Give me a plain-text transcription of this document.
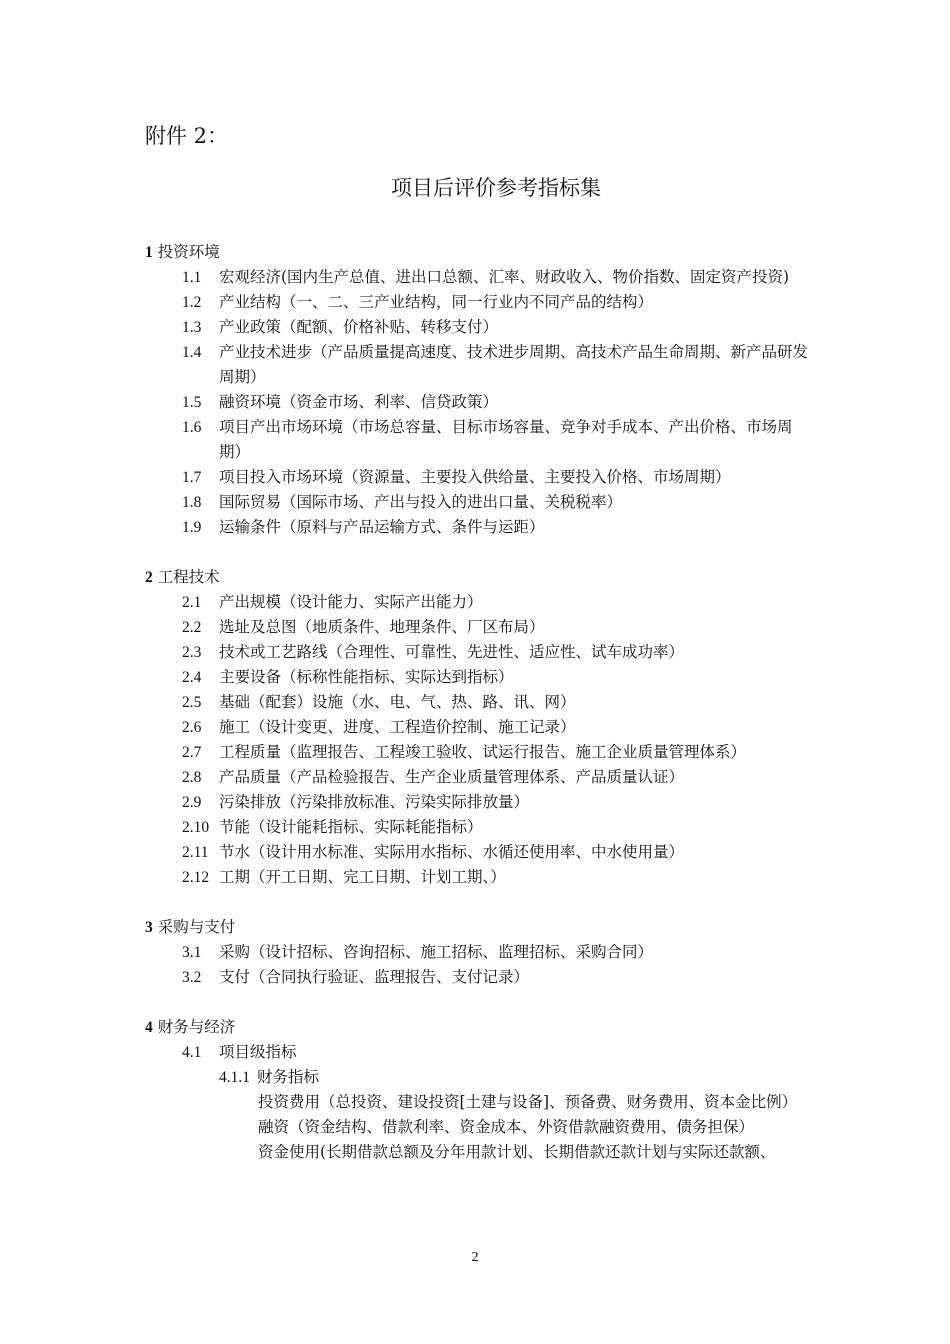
附件 2：
项目后评价参考指标集
1 投资环境
1.1	宏观经济(国内生产总值、进出口总额、汇率、财政收入、物价指数、固定资产投资)
1.2	产业结构（一、二、三产业结构，同一行业内不同产品的结构）
1.3	产业政策（配额、价格补贴、转移支付）
1.4	产业技术进步（产品质量提高速度、技术进步周期、高技术产品生命周期、新产品研发周期）
1.5	融资环境（资金市场、利率、信贷政策）
1.6	项目产出市场环境（市场总容量、目标市场容量、竞争对手成本、产出价格、市场周期）
1.7	项目投入市场环境（资源量、主要投入供给量、主要投入价格、市场周期）
1.8	国际贸易（国际市场、产出与投入的进出口量、关税税率）
1.9	运输条件（原料与产品运输方式、条件与运距）
2 工程技术
2.1	产出规模（设计能力、实际产出能力）
2.2	选址及总图（地质条件、地理条件、厂区布局）
2.3	技术或工艺路线（合理性、可靠性、先进性、适应性、试车成功率）
2.4	主要设备（标称性能指标、实际达到指标）
2.5	基础（配套）设施（水、电、气、热、路、讯、网）
2.6	施工（设计变更、进度、工程造价控制、施工记录）
2.7	工程质量（监理报告、工程竣工验收、试运行报告、施工企业质量管理体系）
2.8	产品质量（产品检验报告、生产企业质量管理体系、产品质量认证）
2.9	污染排放（污染排放标准、污染实际排放量）
2.10 节能（设计能耗指标、实际耗能指标）
2.11 节水（设计用水标准、实际用水指标、水循还使用率、中水使用量）
2.12 工期（开工日期、完工日期、计划工期、）
3 采购与支付
3.1	采购（设计招标、咨询招标、施工招标、监理招标、采购合同）
3.2	支付（合同执行验证、监理报告、支付记录）
4 财务与经济
4.1	项目级指标
4.1.1 财务指标
投资费用（总投资、建设投资[土建与设备]、预备费、财务费用、资本金比例）
融资（资金结构、借款利率、资金成本、外资借款融资费用、债务担保）
资金使用(长期借款总额及分年用款计划、长期借款还款计划与实际还款额、
2
